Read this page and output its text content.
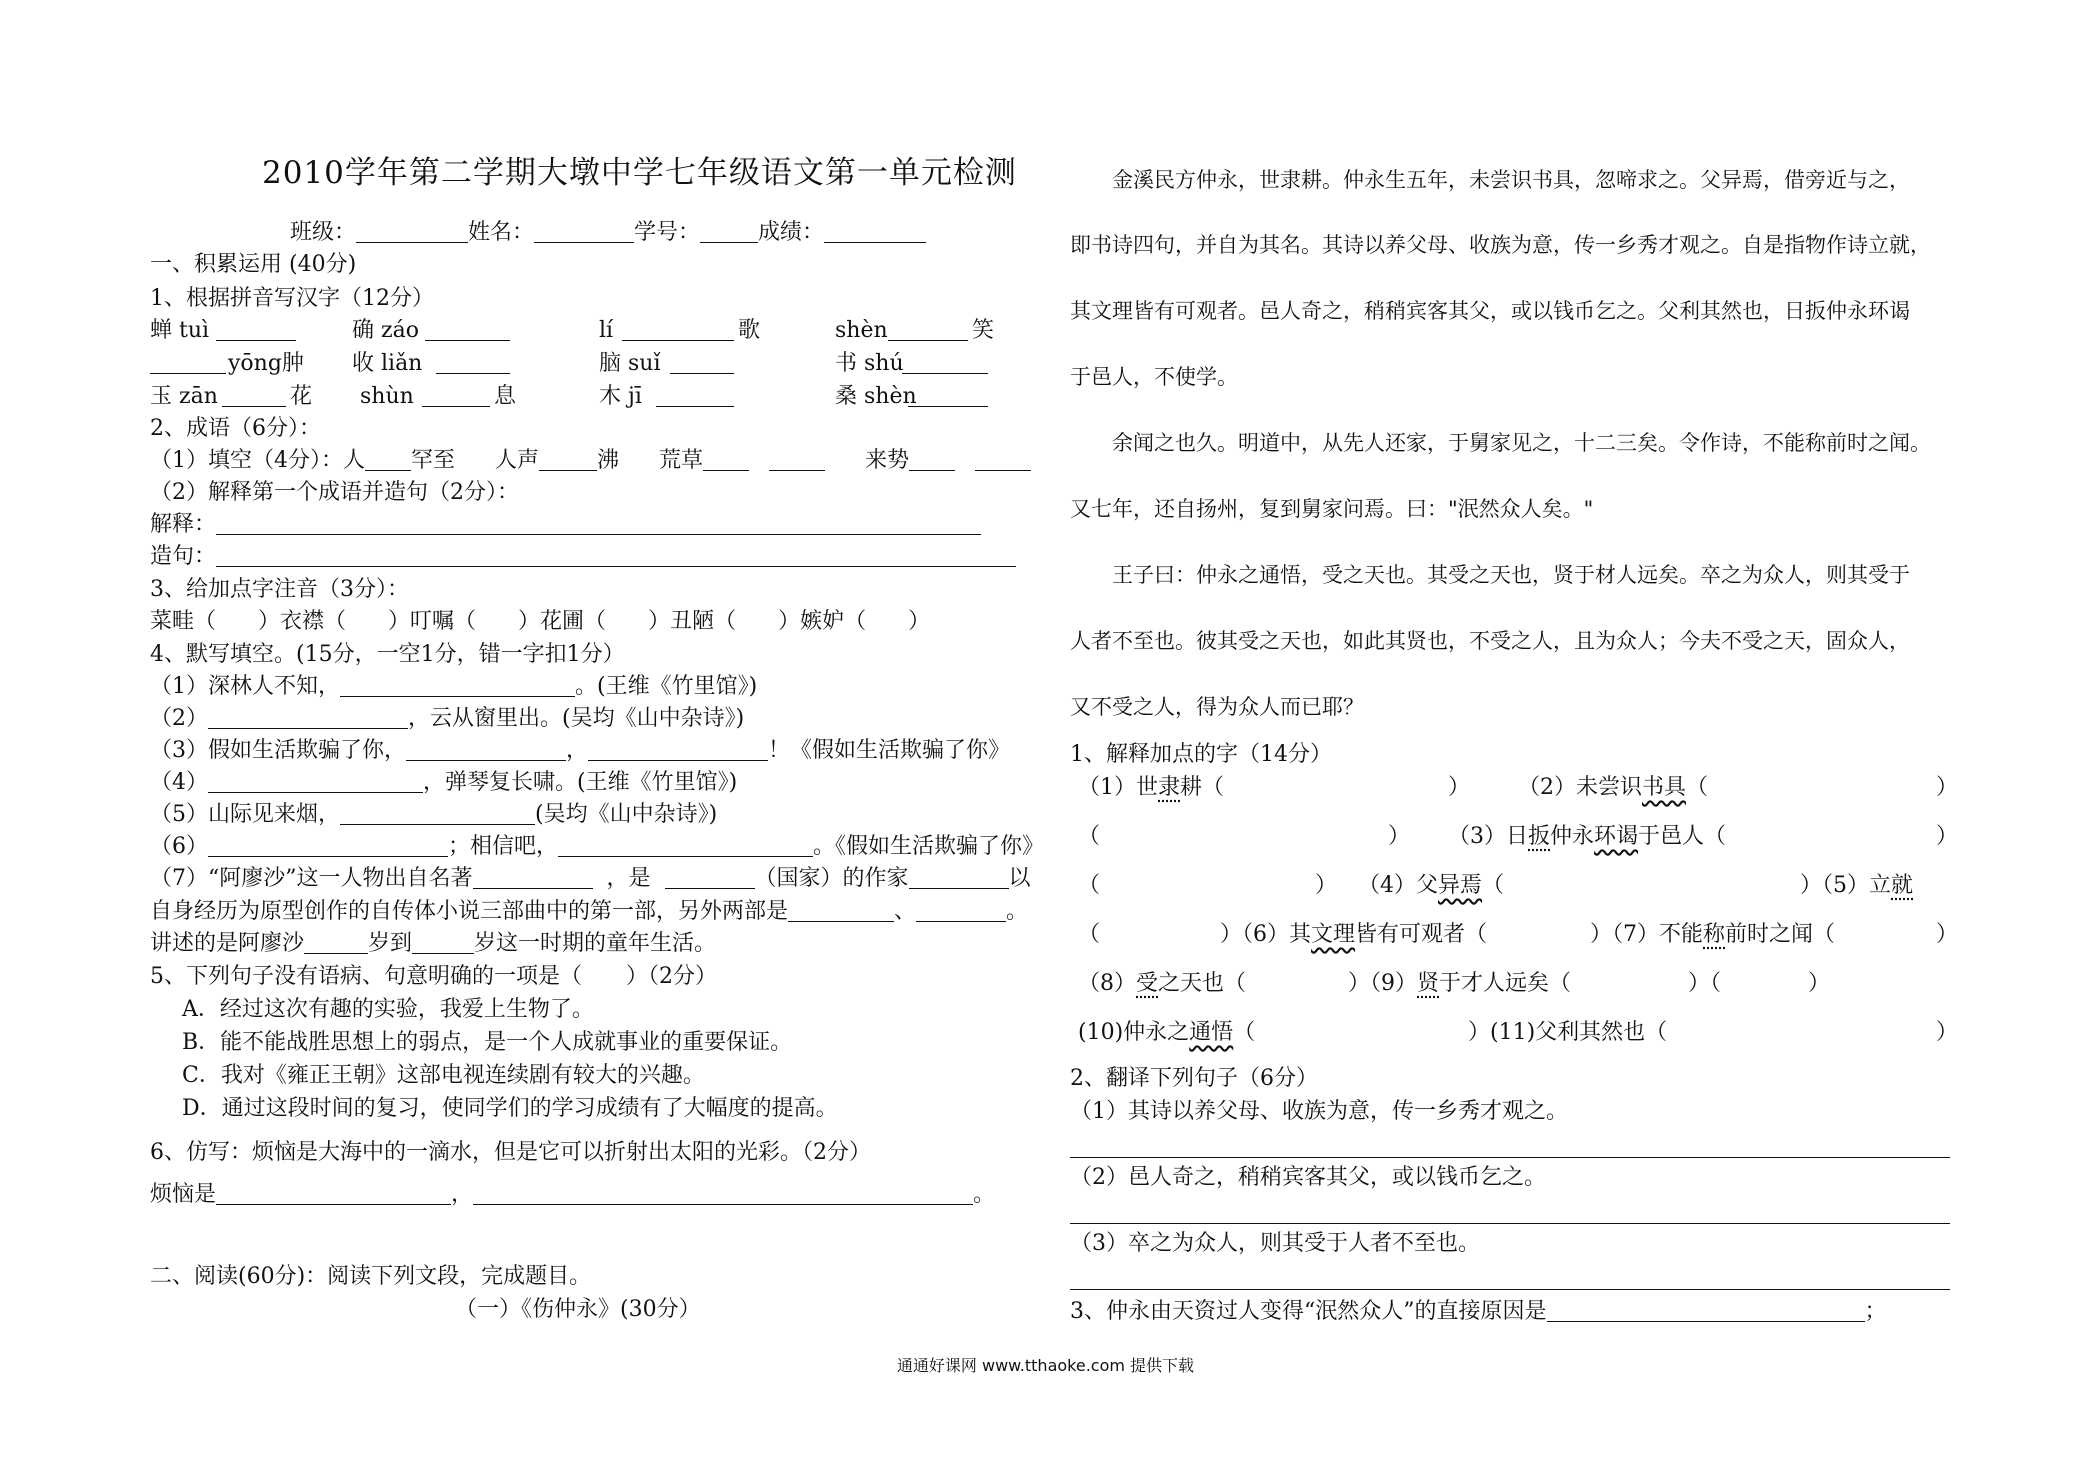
2010学年第二学期大墩中学七年级语文第一单元检测
班级：	姓名：	学号：	成绩：
一、积累运用 (40分)
1、根据拼音写汉字（12分）
蝉 tuì	确 záo	lí	歌	shèn	笑
yōng肿 收 liǎn	脑 suǐ	书 shú
玉 zān	花 shùn	息	木 jī	桑 shèn
2、成语（6分）：
（1）填空（4分）：人 罕至 人声	沸 荒草	来势
（2）解释第一个成语并造句（2分）：
解释：
造句：
3、给加点字注音（3分）：
菜畦（ ）衣襟（ ）叮嘱（ ）花圃（ ）丑陋（ ）嫉妒（ ）
4、默写填空。(15分，一空1分，错一字扣1分）
（1）深林人不知，	。(王维《竹里馆》)
（2）	，云从窗里出。(吴均《山中杂诗》)
（3）假如生活欺骗了你，	，	！《假如生活欺骗了你》
（4）	，弹琴复长啸。(王维《竹里馆》)
（5）山际见来烟，	(吴均《山中杂诗》)
（6）	；相信吧，	。《假如生活欺骗了你》
（7）“阿廖沙”这一人物出自名著	，是	（国家）的作家	以
自身经历为原型创作的自传体小说三部曲中的第一部，另外两部是	、	。
讲述的是阿廖沙	岁到	岁这一时期的童年生活。
5、下列句子没有语病、句意明确的一项是（　　）（2分）
A．经过这次有趣的实验，我爱上生物了。
B．能不能战胜思想上的弱点，是一个人成就事业的重要保证。
C．我对《雍正王朝》这部电视连续剧有较大的兴趣。
D．通过这段时间的复习，使同学们的学习成绩有了大幅度的提高。
6、仿写：烦恼是大海中的一滴水，但是它可以折射出太阳的光彩。（2分）
烦恼是	，	。
二、阅读(60分)：阅读下列文段，完成题目。
（一）《伤仲永》(30分）
金溪民方仲永，世隶耕。仲永生五年，未尝识书具，忽啼求之。父异焉，借旁近与之，
即书诗四句，并自为其名。其诗以养父母、收族为意，传一乡秀才观之。自是指物作诗立就，
其文理皆有可观者。邑人奇之，稍稍宾客其父，或以钱币乞之。父利其然也，日扳仲永环谒
于邑人，不使学。
余闻之也久。明道中，从先人还家，于舅家见之，十二三矣。令作诗，不能称前时之闻。
又七年，还自扬州，复到舅家问焉。曰："泯然众人矣。"
王子曰：仲永之通悟，受之天也。其受之天也，贤于材人远矣。卒之为众人，则其受于
人者不至也。彼其受之天也，如此其贤也，不受之人，且为众人；今夫不受之天，固众人，
又不受之人，得为众人而已耶？
1、解释加点的字（14分）
（1）世隶耕（	） （2）未尝识书具（	）
（	） （3）日扳仲永环谒于邑人（	）
（	） （4）父异焉（	）（5）立就
（	）（6）其文理皆有可观者（	）（7）不能称前时之闻（	）
（8）受之天也（	）（9）贤于才人远矣（	）（	）
(10)仲永之通悟（	）(11)父利其然也（	）
2、翻译下列句子（6分）
（1）其诗以养父母、收族为意，传一乡秀才观之。
（2）邑人奇之，稍稍宾客其父，或以钱币乞之。
（3）卒之为众人，则其受于人者不至也。
3、仲永由天资过人变得“泯然众人”的直接原因是	；
通通好课网 www.tthaoke.com 提供下载
